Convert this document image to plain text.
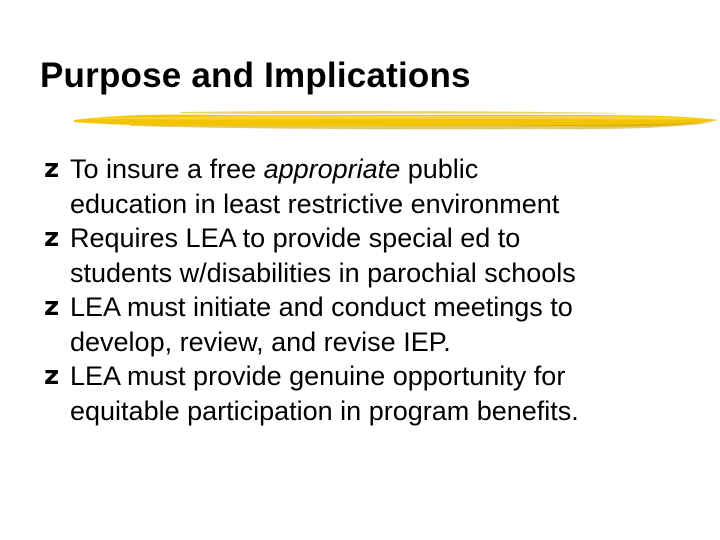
Purpose and Implications
z To insure a free appropriate public
education in least restrictive environment
z Requires LEA to provide special ed to
students w/disabilities in parochial schools
z LEA must initiate and conduct meetings to
develop, review, and revise IEP.
z LEA must provide genuine opportunity for
equitable participation in program benefits.
